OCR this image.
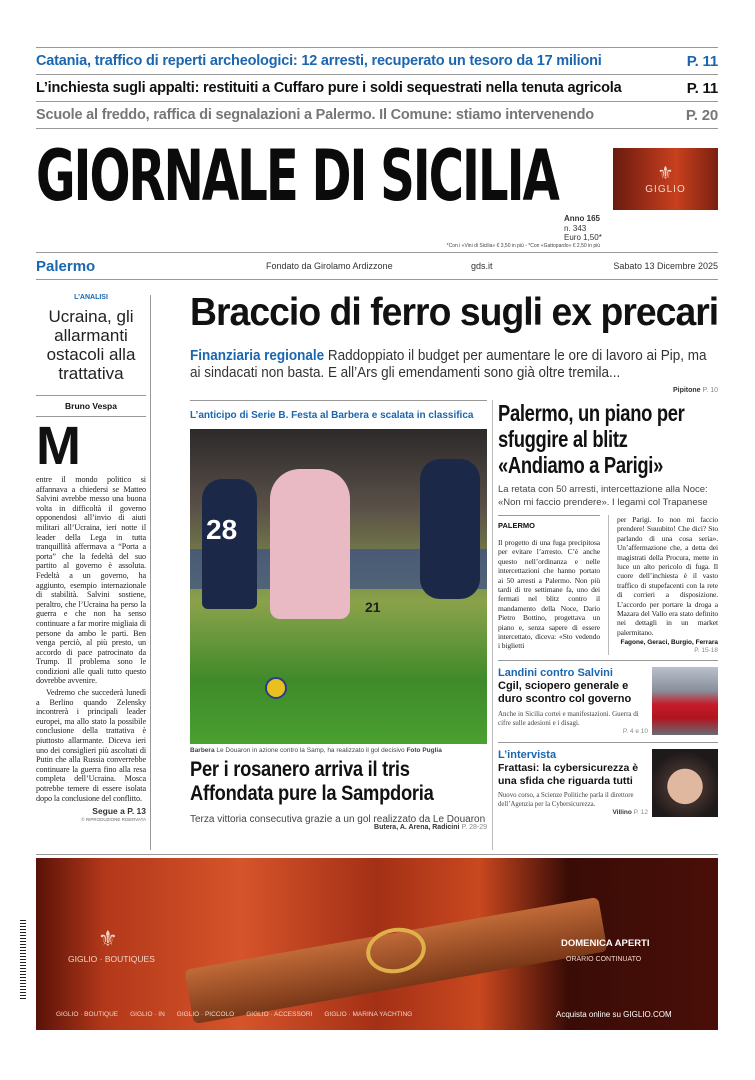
Catania, traffico di reperti archeologici: 12 arresti, recuperato un tesoro da 17 milioni	P. 11
L’inchiesta sugli appalti: restituiti a Cuffaro pure i soldi sequestrati nella tenuta agricola	P. 11
Scuole al freddo, raffica di segnalazioni a Palermo. Il Comune: stiamo intervenendo	P. 20
GIORNALE DI SICILIA	⚜
GIGLIO
Anno 165
n. 343
Euro 1,50*
*Con i «Vini di Sicilia» € 3,50 in più - *Con «Gattopardo» € 2,50 in più
Palermo	Fondato da Girolamo Ardizzone	gds.it	Sabato 13 Dicembre 2025
L’ANALISI
Ucraina, gli allarmanti ostacoli alla trattativa
Bruno Vespa
M
entre il mondo politico si affannava a chiedersi se Matteo Salvini avrebbe messo una buona volta in difficoltà il governo opponendosi all’invio di aiuti militari all’Ucraina, ieri notte il leader della Lega in tutta tranquillità affermava a “Porta a porta” che la fedeltà del suo partito al governo è assoluta. Fedeltà a un governo, ha aggiunto, esempio internazionale di stabilità. Salvini sostiene, peraltro, che l’Ucraina ha perso la guerra e che non ha senso continuare a far morire migliaia di persone da ambo le parti. Ben venga perciò, al più presto, un accordo di pace patrocinato da Trump. Il problema sono le condizioni alle quali tutto questo dovrebbe avvenire.
Vedremo che succederà lunedì a Berlino quando Zelensky incontrerà i principali leader europei, ma allo stato la possibile conclusione della trattativa è piuttosto allarmante. Diceva ieri uno dei consiglieri più ascoltati di Putin che alla Russia converrebbe continuare la guerra fino alla resa completa dell’Ucraina. Mosca potrebbe temere di essere isolata dopo la conclusione del conflitto.
Segue a P. 13
© RIPRODUZIONE RISERVATA
Braccio di ferro sugli ex precari
Finanziaria regionale Raddoppiato il budget per aumentare le ore di lavoro ai Pip, ma ai sindacati non basta. E all’Ars gli emendamenti sono già oltre tremila...
Pipitone P. 10
L’anticipo di Serie B. Festa al Barbera e scalata in classifica
28
21
Barbera Le Douaron in azione contro la Samp, ha realizzato il gol decisivo Foto Puglia
Per i rosanero arriva il tris Affondata pure la Sampdoria
Terza vittoria consecutiva grazie a un gol realizzato da Le Douaron
Butera, A. Arena, Radicini P. 28-29
Palermo, un piano per sfuggire al blitz «Andiamo a Parigi»
La retata con 50 arresti, intercettazione alla Noce: «Non mi faccio prendere». I legami col Trapanese
PALERMO
Il progetto di una fuga precipitosa per evitare l’arresto. C’è anche questo nell’ordinanza e nelle intercettazioni che hanno portato ai 50 arresti a Palermo. Non più tardi di tre settimane fa, uno dei fermati nel blitz contro il mandamento della Noce, Dario Pietro Bottino, progettava un piano e, senza sapere di essere intercettato, diceva: «Sto vedendo i biglietti
per Parigi. Io non mi faccio prendere! Suuubito! Che dici? Sto parlando di una cosa seria». Un’affermazione che, a detta dei magistrati della Procura, mette in luce un alto pericolo di fuga. Il cuore dell’inchiesta è il vasto traffico di stupefacenti con la rete di corrieri a disposizione. L’accordo per portare la droga a Mazara del Vallo era stato definito nei dettagli in un market palermitano.
Fagone, Geraci, Burgio, Ferrara
P. 15-18
Landini contro Salvini
Cgil, sciopero generale e duro scontro col governo
Anche in Sicilia cortei e manifestazioni. Guerra di cifre sulle adesioni e i disagi.
P. 4 e 10
L’intervista
Frattasi: la cybersicurezza è una sfida che riguarda tutti
Nuovo corso, a Scienze Politiche parla il direttore dell’Agenzia per la Cybersicurezza.
Villino P. 12
⚜
GIGLIO · BOUTIQUES
DOMENICA APERTI
ORARIO CONTINUATO
GIGLIO · BOUTIQUE GIGLIO · IN GIGLIO · PICCOLO GIGLIO · ACCESSORI GIGLIO · MARINA YACHTING	Acquista online su GIGLIO.COM
